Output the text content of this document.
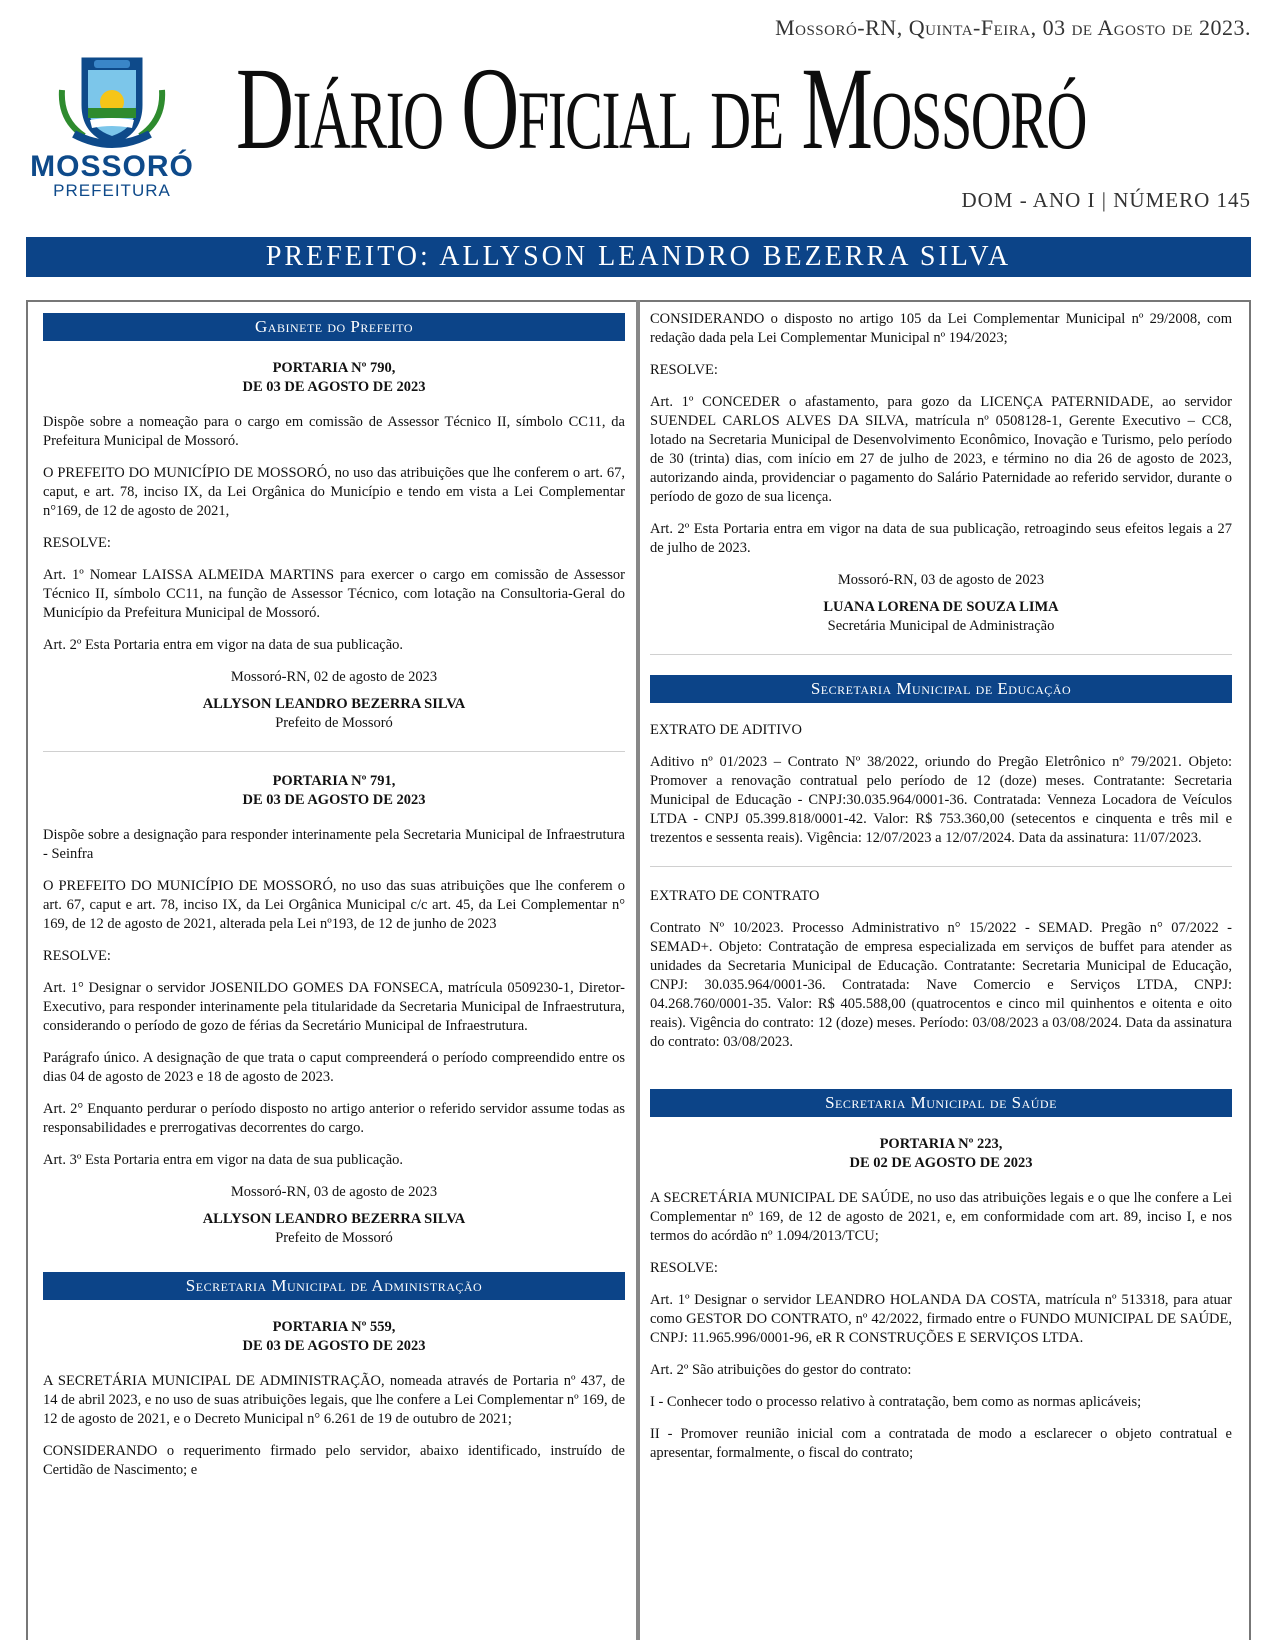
MOSSORÓ
PREFEITURA
Mossoró-RN, Quinta-Feira, 03 de Agosto de 2023.
Diário Oficial de Mossoró
DOM - ANO I | NÚMERO 145
PREFEITO: ALLYSON LEANDRO BEZERRA SILVA
Gabinete do Prefeito
PORTARIA Nº 790,
DE 03 DE AGOSTO DE 2023

Dispõe sobre a nomeação para o cargo em comissão de Assessor Técnico II, símbolo CC11, da Prefeitura Municipal de Mossoró.

O PREFEITO DO MUNICÍPIO DE MOSSORÓ, no uso das atribuições que lhe conferem o art. 67, caput, e art. 78, inciso IX, da Lei Orgânica do Município e tendo em vista a Lei Complementar n°169, de 12 de agosto de 2021,

RESOLVE:

Art. 1º Nomear LAISSA ALMEIDA MARTINS para exercer o cargo em comissão de Assessor Técnico II, símbolo CC11, na função de Assessor Técnico, com lotação na Consultoria-Geral do Município da Prefeitura Municipal de Mossoró.

Art. 2º Esta Portaria entra em vigor na data de sua publicação.

Mossoró-RN, 02 de agosto de 2023

ALLYSON LEANDRO BEZERRA SILVA
Prefeito de Mossoró
PORTARIA Nº 791,
DE 03 DE AGOSTO DE 2023

Dispõe sobre a designação para responder interinamente pela Secretaria Municipal de Infraestrutura - Seinfra

O PREFEITO DO MUNICÍPIO DE MOSSORÓ, no uso das suas atribuições que lhe conferem o art. 67, caput e art. 78, inciso IX, da Lei Orgânica Municipal c/c art. 45, da Lei Complementar n° 169, de 12 de agosto de 2021, alterada pela Lei nº193, de 12 de junho de 2023

RESOLVE:

Art. 1° Designar o servidor JOSENILDO GOMES DA FONSECA, matrícula 0509230-1, Diretor-Executivo, para responder interinamente pela titularidade da Secretaria Municipal de Infraestrutura, considerando o período de gozo de férias da Secretário Municipal de Infraestrutura.

Parágrafo único. A designação de que trata o caput compreenderá o período compreendido entre os dias 04 de agosto de 2023 e 18 de agosto de 2023.

Art. 2° Enquanto perdurar o período disposto no artigo anterior o referido servidor assume todas as responsabilidades e prerrogativas decorrentes do cargo.

Art. 3º Esta Portaria entra em vigor na data de sua publicação.

Mossoró-RN, 03 de agosto de 2023

ALLYSON LEANDRO BEZERRA SILVA
Prefeito de Mossoró
Secretaria Municipal de Administração
PORTARIA Nº 559,
DE 03 DE AGOSTO DE 2023

A SECRETÁRIA MUNICIPAL DE ADMINISTRAÇÃO, nomeada através de Portaria nº 437, de 14 de abril 2023, e no uso de suas atribuições legais, que lhe confere a Lei Complementar nº 169, de 12 de agosto de 2021, e o Decreto Municipal n° 6.261 de 19 de outubro de 2021;

CONSIDERANDO o requerimento firmado pelo servidor, abaixo identificado, instruído de Certidão de Nascimento; e

CONSIDERANDO o disposto no artigo 105 da Lei Complementar Municipal nº 29/2008, com redação dada pela Lei Complementar Municipal nº 194/2023;

RESOLVE:

Art. 1º CONCEDER o afastamento, para gozo da LICENÇA PATERNIDADE, ao servidor SUENDEL CARLOS ALVES DA SILVA, matrícula nº 0508128-1, Gerente Executivo – CC8, lotado na Secretaria Municipal de Desenvolvimento Econômico, Inovação e Turismo, pelo período de 30 (trinta) dias, com início em 27 de julho de 2023, e término no dia 26 de agosto de 2023, autorizando ainda, providenciar o pagamento do Salário Paternidade ao referido servidor, durante o período de gozo de sua licença.

Art. 2º Esta Portaria entra em vigor na data de sua publicação, retroagindo seus efeitos legais a 27 de julho de 2023.

Mossoró-RN, 03 de agosto de 2023

LUANA LORENA DE SOUZA LIMA
Secretária Municipal de Administração
Secretaria Municipal de Educação

EXTRATO DE ADITIVO

Aditivo nº 01/2023 – Contrato Nº 38/2022, oriundo do Pregão Eletrônico nº 79/2021. Objeto: Promover a renovação contratual pelo período de 12 (doze) meses. Contratante: Secretaria Municipal de Educação - CNPJ:30.035.964/0001-36. Contratada: Venneza Locadora de Veículos LTDA - CNPJ 05.399.818/0001-42. Valor: R$ 753.360,00 (setecentos e cinquenta e três mil e trezentos e sessenta reais). Vigência: 12/07/2023 a 12/07/2024. Data da assinatura: 11/07/2023.

EXTRATO DE CONTRATO

Contrato Nº 10/2023. Processo Administrativo n° 15/2022 - SEMAD. Pregão n° 07/2022 - SEMAD+. Objeto: Contratação de empresa especializada em serviços de buffet para atender as unidades da Secretaria Municipal de Educação. Contratante: Secretaria Municipal de Educação, CNPJ: 30.035.964/0001-36. Contratada: Nave Comercio e Serviços LTDA, CNPJ: 04.268.760/0001-35. Valor: R$ 405.588,00 (quatrocentos e cinco mil quinhentos e oitenta e oito reais). Vigência do contrato: 12 (doze) meses. Período: 03/08/2023 a 03/08/2024. Data da assinatura do contrato: 03/08/2023.

Secretaria Municipal de Saúde
PORTARIA Nº 223,
DE 02 DE AGOSTO DE 2023

A SECRETÁRIA MUNICIPAL DE SAÚDE, no uso das atribuições legais e o que lhe confere a Lei Complementar nº 169, de 12 de agosto de 2021, e, em conformidade com art. 89, inciso I, e nos termos do acórdão nº 1.094/2013/TCU;

RESOLVE:

Art. 1º Designar o servidor LEANDRO HOLANDA DA COSTA, matrícula nº 513318, para atuar como GESTOR DO CONTRATO, nº 42/2022, firmado entre o FUNDO MUNICIPAL DE SAÚDE, CNPJ: 11.965.996/0001-96, eR R CONSTRUÇÕES E SERVIÇOS LTDA.

Art. 2º São atribuições do gestor do contrato:

I - Conhecer todo o processo relativo à contratação, bem como as normas aplicáveis;

II - Promover reunião inicial com a contratada de modo a esclarecer o objeto contratual e apresentar, formalmente, o fiscal do contrato;
